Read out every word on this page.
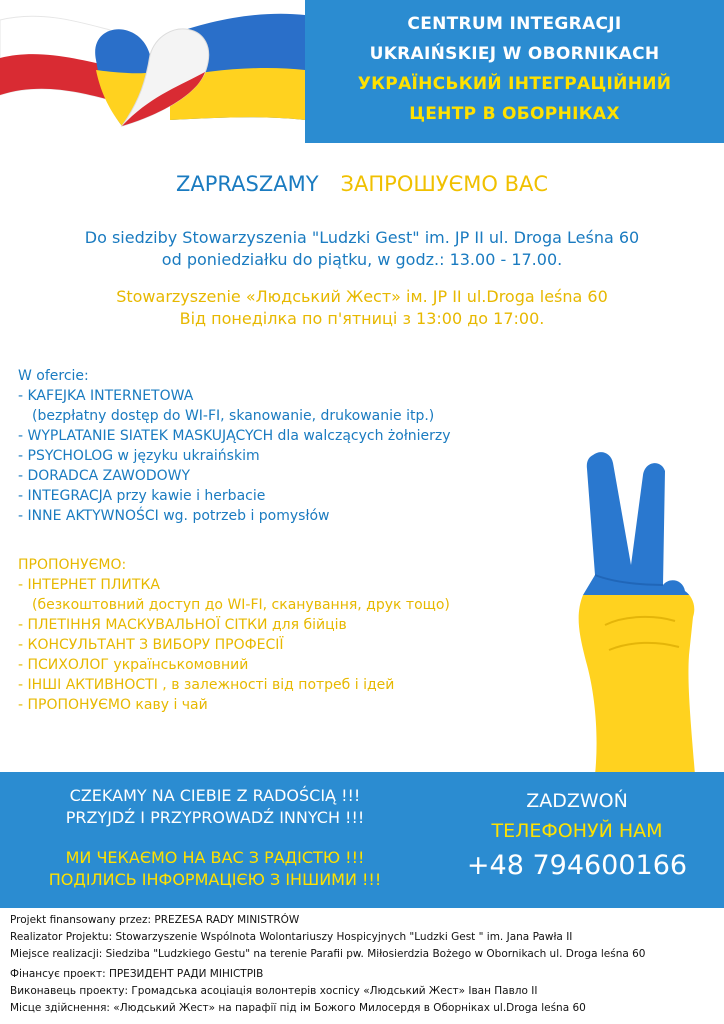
CENTRUM INTEGRACJI
UKRAIŃSKIEJ W OBORNIKACH
УКРАЇНСЬКИЙ ІНТЕГРАЦІЙНИЙ
ЦЕНТР В ОБОРНІКАХ
ZAPRASZAMY ЗАПРОШУЄМО ВАС
Do siedziby Stowarzyszenia "Ludzki Gest" im. JP II ul. Droga Leśna 60
od poniedziałku do piątku, w godz.: 13.00 - 17.00.
Stowarzyszenie «Людський Жест» ім. JP II ul.Droga leśna 60
Від понеділка по п'ятниці з 13:00 до 17:00.
W ofercie:
- KAFEJKA INTERNETOWA
(bezpłatny dostęp do WI-FI, skanowanie, drukowanie itp.)
- WYPLATANIE SIATEK MASKUJĄCYCH dla walczących żołnierzy
- PSYCHOLOG w języku ukraińskim
- DORADCA ZAWODOWY
- INTEGRACJA przy kawie i herbacie
- INNE AKTYWNOŚCI wg. potrzeb i pomysłów
ПРОПОНУЄМО:
- ІНТЕРНЕТ ПЛИТКА
(безкоштовний доступ до WI-FI, сканування, друк тощо)
- ПЛЕТІННЯ МАСКУВАЛЬНОЇ СІТКИ для бійців
- КОНСУЛЬТАНТ З ВИБОРУ ПРОФЕСІЇ
- ПСИХОЛОГ українськомовний
- ІНШІ АКТИВНОСТІ , в залежності від потреб і ідей
- ПРОПОНУЄМО каву і чай
CZEKAMY NA CIEBIE Z RADOŚCIĄ !!!
PRZYJDŹ I PRZYPROWADŹ INNYCH !!!
МИ ЧЕКАЄМО НА ВАС З РАДІСТЮ !!!
ПОДІЛИСЬ ІНФОРМАЦІЄЮ З ІНШИМИ !!!
ZADZWOŃ
ТЕЛЕФОНУЙ НАМ
+48 794600166
Projekt finansowany przez: PREZESA RADY MINISTRÓW
Realizator Projektu: Stowarzyszenie Wspólnota Wolontariuszy Hospicyjnych "Ludzki Gest " im. Jana Pawła II
Miejsce realizacji: Siedziba "Ludzkiego Gestu" na terenie Parafii pw. Miłosierdzia Bożego w Obornikach ul. Droga leśna 60
Фінансує проект: ПРЕЗИДЕНТ РАДИ МІНІСТРІВ
Виконавець проекту: Громадська асоціація волонтерів хоспісу «Людський Жест» Іван Павло ІІ
Місце здійснення: «Людський Жест» на парафії під ім Божого Милосердя в Оборніках ul.Droga leśna 60
